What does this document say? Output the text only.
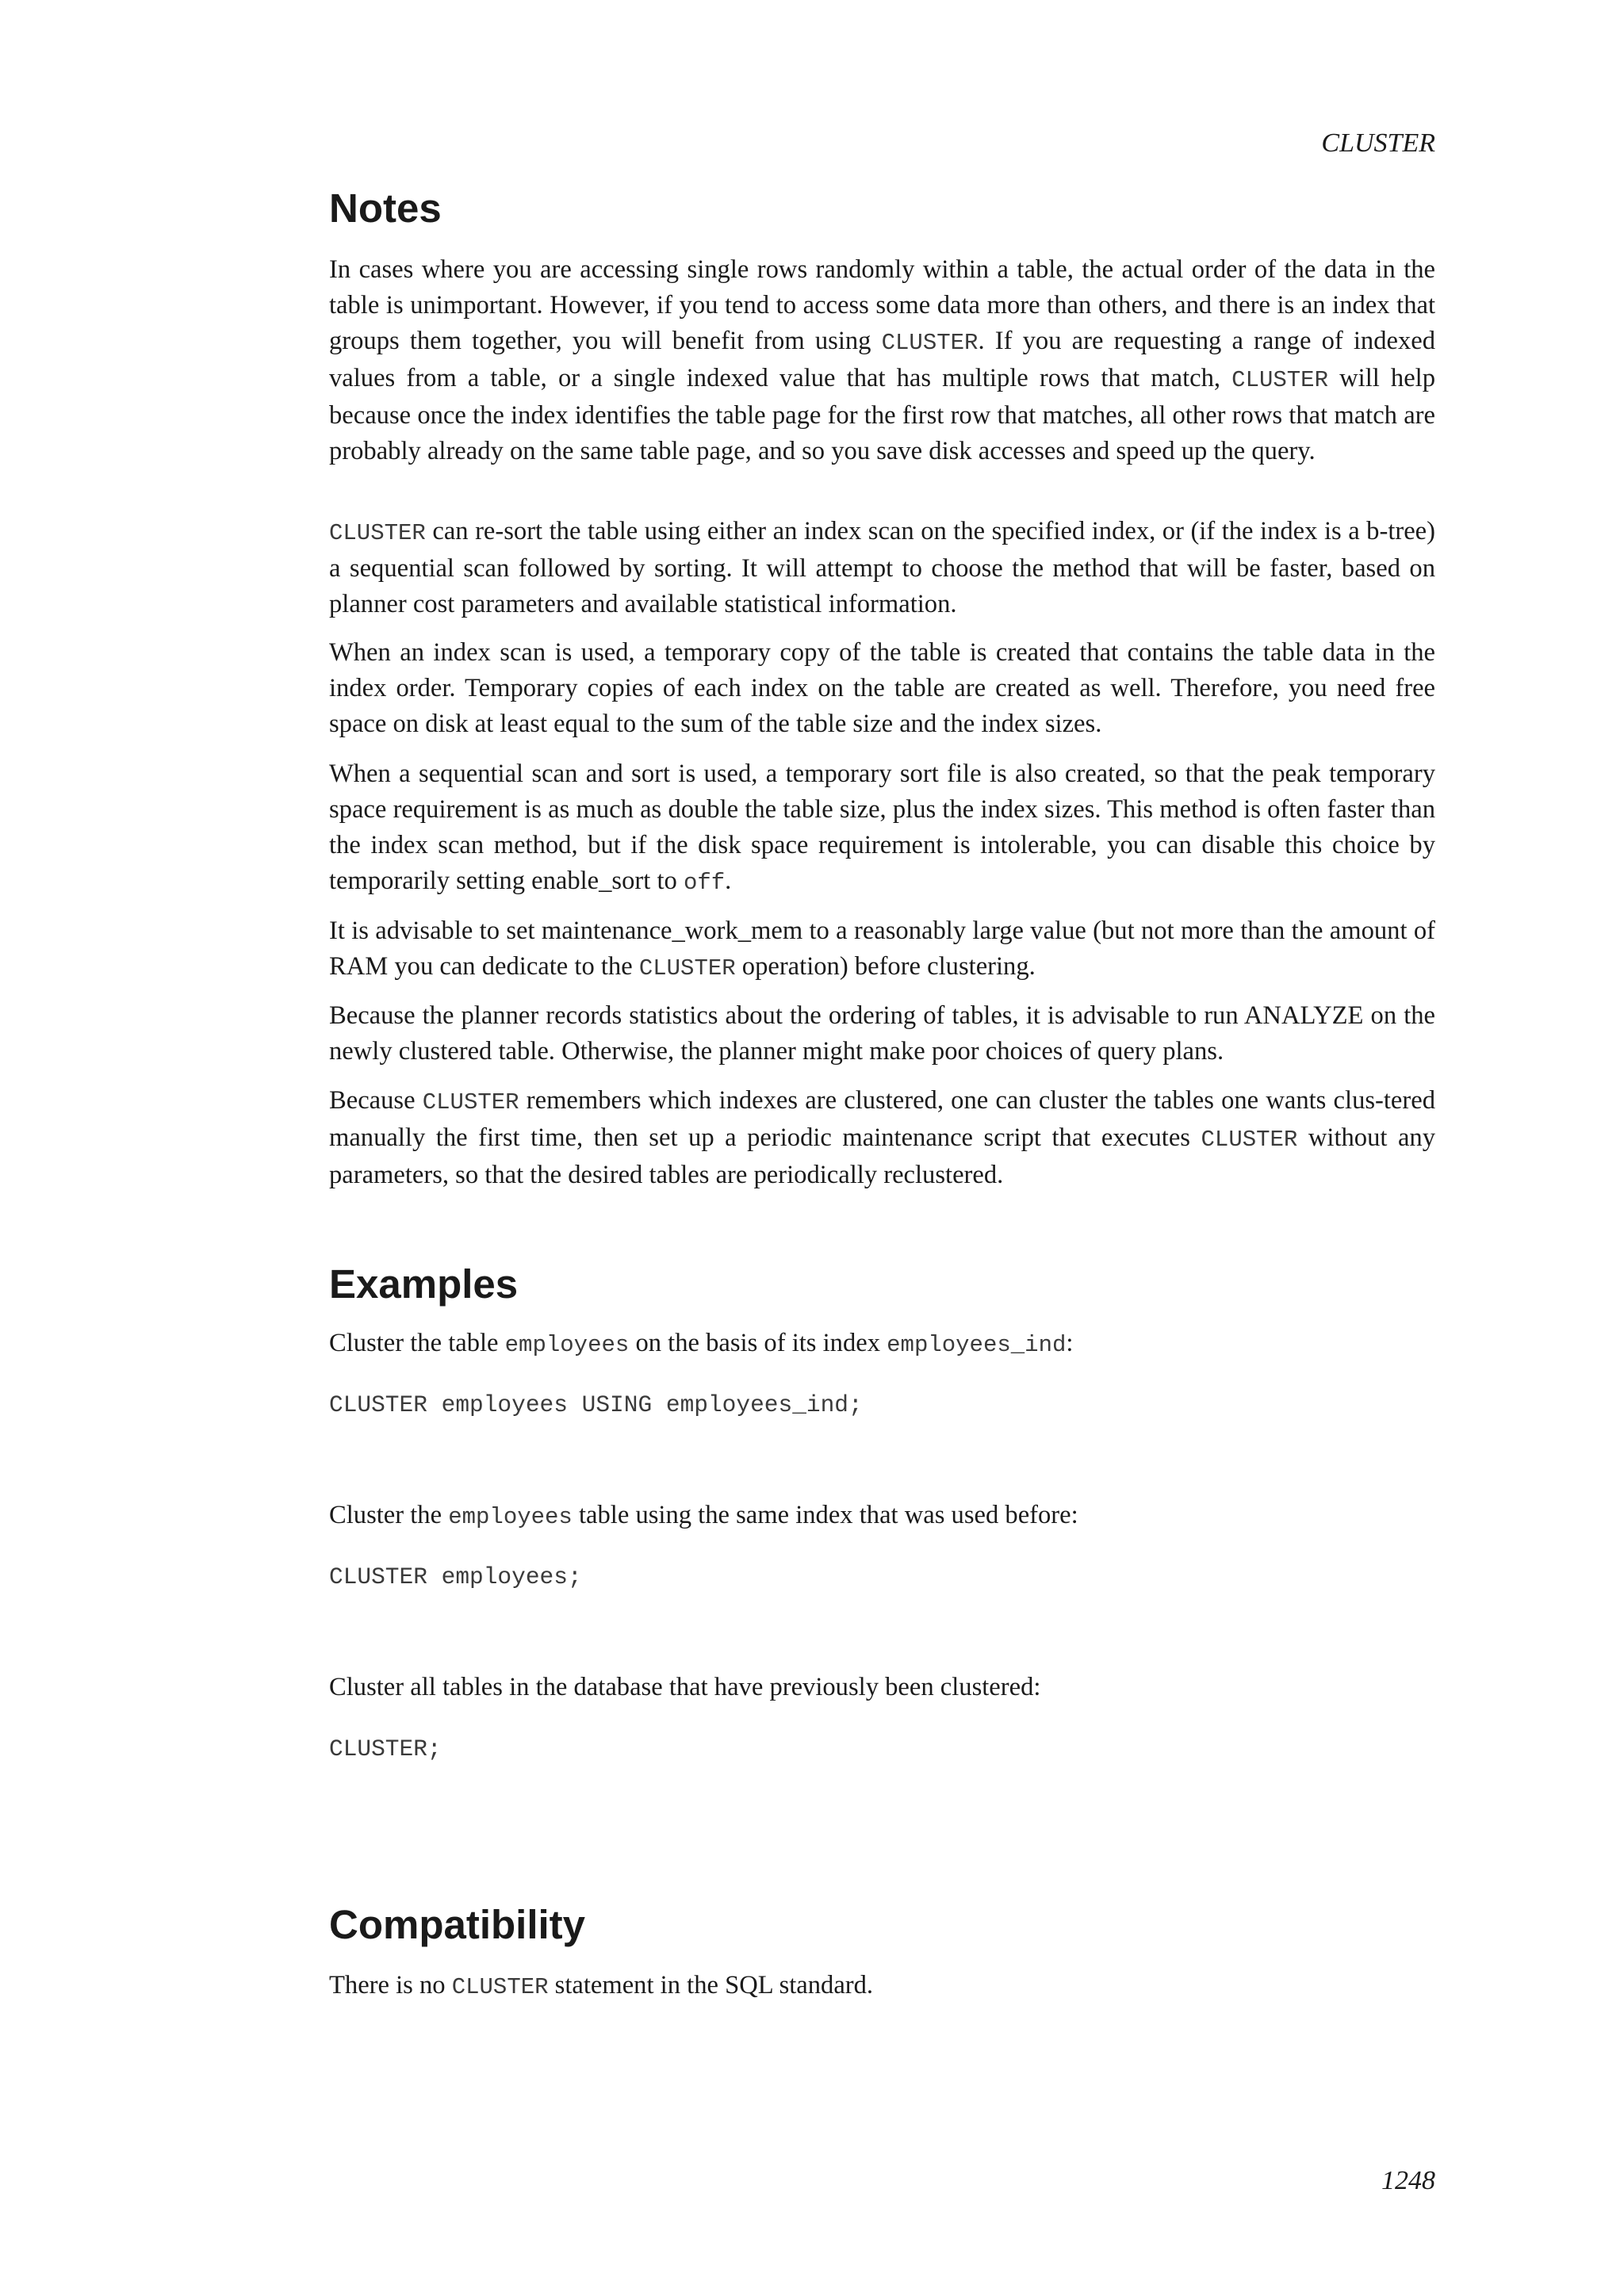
CLUSTER
Notes

In cases where you are accessing single rows randomly within a table, the actual order of the data in the table is unimportant. However, if you tend to access some data more than others, and there is an index that groups them together, you will benefit from using CLUSTER. If you are requesting a range of indexed values from a table, or a single indexed value that has multiple rows that match, CLUSTER will help because once the index identifies the table page for the first row that matches, all other rows that match are probably already on the same table page, and so you save disk accesses and speed up the query.

CLUSTER can re-sort the table using either an index scan on the specified index, or (if the index is a b-tree) a sequential scan followed by sorting. It will attempt to choose the method that will be faster, based on planner cost parameters and available statistical information.

When an index scan is used, a temporary copy of the table is created that contains the table data in the index order. Temporary copies of each index on the table are created as well. Therefore, you need free space on disk at least equal to the sum of the table size and the index sizes.

When a sequential scan and sort is used, a temporary sort file is also created, so that the peak temporary space requirement is as much as double the table size, plus the index sizes. This method is often faster than the index scan method, but if the disk space requirement is intolerable, you can disable this choice by temporarily setting enable_sort to off.

It is advisable to set maintenance_work_mem to a reasonably large value (but not more than the amount of RAM you can dedicate to the CLUSTER operation) before clustering.

Because the planner records statistics about the ordering of tables, it is advisable to run ANALYZE on the newly clustered table. Otherwise, the planner might make poor choices of query plans.

Because CLUSTER remembers which indexes are clustered, one can cluster the tables one wants clus-tered manually the first time, then set up a periodic maintenance script that executes CLUSTER without any parameters, so that the desired tables are periodically reclustered.

Examples

Cluster the table employees on the basis of its index employees_ind:

CLUSTER employees USING employees_ind;

Cluster the employees table using the same index that was used before:

CLUSTER employees;

Cluster all tables in the database that have previously been clustered:

CLUSTER;
Compatibility

There is no CLUSTER statement in the SQL standard.

1248
